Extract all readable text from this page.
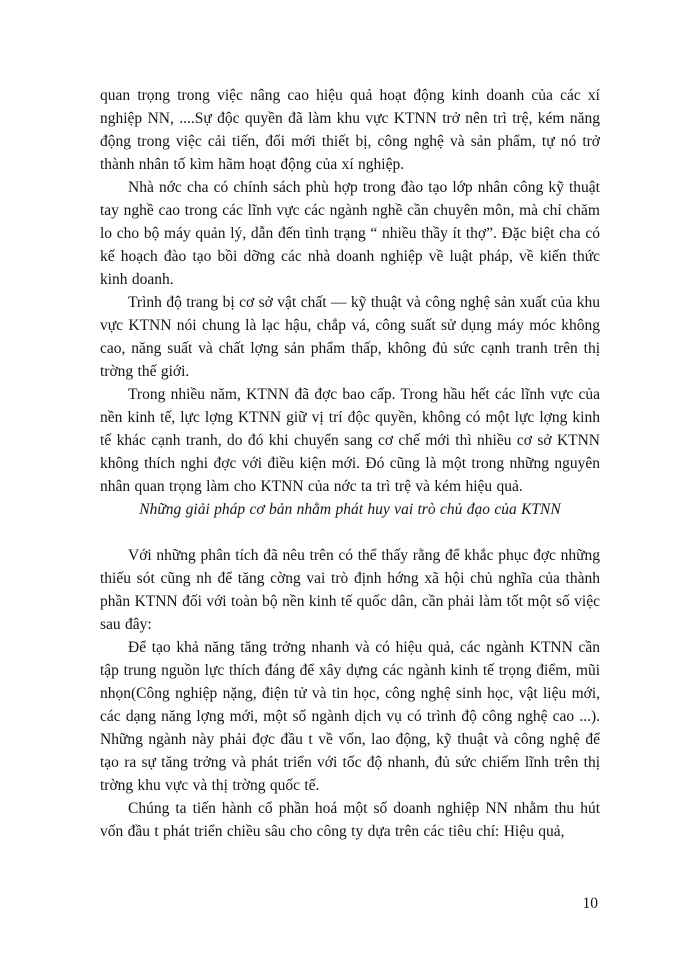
quan trọng trong việc nâng cao hiệu quả hoạt động kinh doanh của các xí nghiệp NN, ....Sự độc quyền đã làm khu vực KTNN trở nên trì trệ, kém năng động trong việc cải tiến, đổi mới thiết bị, công nghệ và sản phẩm, tự nó trở thành nhân tố kìm hãm hoạt động của xí nghiệp.

Nhà nớc cha có chính sách phù hợp trong đào tạo lớp nhân công kỹ thuật tay nghề cao trong các lĩnh vực các ngành nghề cần chuyên môn, mà chỉ chăm lo cho bộ máy quản lý, dẫn đến tình trạng “ nhiều thầy ít thợ”. Đặc biệt cha có kế hoạch đào tạo bồi dỡng các nhà doanh nghiệp về luật pháp, về kiến thức kinh doanh.

Trình độ trang bị cơ sở vật chất — kỹ thuật và công nghệ sản xuất của khu vực KTNN nói chung là lạc hậu, chắp vá, công suất sử dụng máy móc không cao, năng suất và chất lợng sản phẩm thấp, không đủ sức cạnh tranh trên thị trờng thế giới.

Trong nhiều năm, KTNN đã đợc bao cấp. Trong hầu hết các lĩnh vực của nền kinh tế, lực lợng KTNN giữ vị trí độc quyền, không có một lực lợng kinh tế khác cạnh tranh, do đó khi chuyển sang cơ chế mới thì nhiều cơ sở KTNN không thích nghi đợc với điều kiện mới. Đó cũng là một trong những nguyên nhân quan trọng làm cho KTNN của nớc ta trì trệ và kém hiệu quả.

Những giải pháp cơ bản nhằm phát huy vai trò chủ đạo của KTNN

Với những phân tích đã nêu trên có thể thấy rằng để khắc phục đợc những thiếu sót cũng nh để tăng cờng vai trò định hớng xã hội chủ nghĩa của thành phần KTNN đối với toàn bộ nền kinh tế quốc dân, cần phải làm tốt một số việc sau đây:

Để tạo khả năng tăng trởng nhanh và có hiệu quả, các ngành KTNN cần tập trung nguồn lực thích đáng để xây dựng các ngành kinh tế trọng điểm, mũi nhọn(Công nghiệp nặng, điện tử và tin học, công nghệ sinh học, vật liệu mới, các dạng năng lợng mới, một số ngành dịch vụ có trình độ công nghệ cao ...). Những ngành này phải đợc đầu t về vốn, lao động, kỹ thuật và công nghệ để tạo ra sự tăng trởng và phát triển với tốc độ nhanh, đủ sức chiếm lĩnh trên thị trờng khu vực và thị trờng quốc tế.

Chúng ta tiến hành cổ phần hoá một số doanh nghiệp NN nhằm thu hút vốn đầu t phát triển chiều sâu cho công ty dựa trên các tiêu chí: Hiệu quả,

10
